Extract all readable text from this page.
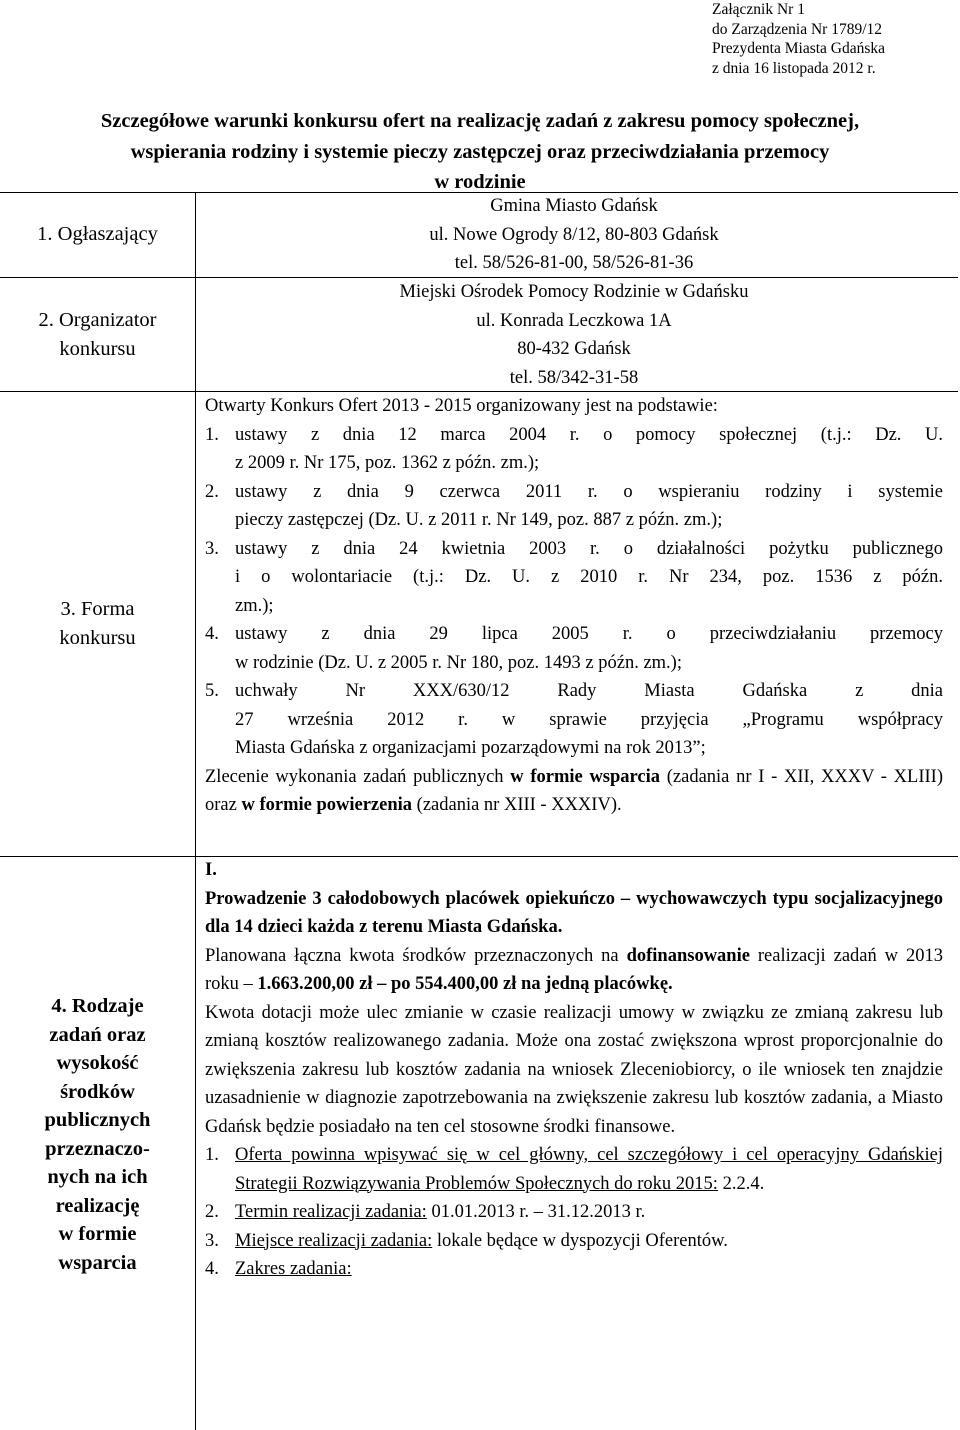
Załącznik Nr 1
do Zarządzenia Nr 1789/12
Prezydenta Miasta Gdańska
z dnia 16 listopada 2012 r.
Szczegółowe warunki konkursu ofert na realizację zadań z zakresu pomocy społecznej,
wspierania rodziny i systemie pieczy zastępczej oraz przeciwdziałania przemocy
w rodzinie
1. Ogłaszający
Gmina Miasto Gdańsk
ul. Nowe Ogrody 8/12, 80-803 Gdańsk
tel. 58/526-81-00, 58/526-81-36
2. Organizator
konkursu
Miejski Ośrodek Pomocy Rodzinie w Gdańsku
ul. Konrada Leczkowa 1A
80-432 Gdańsk
tel. 58/342-31-58
3. Forma
konkursu
Otwarty Konkurs Ofert 2013 - 2015 organizowany jest na podstawie:
1. ustawy z dnia 12 marca 2004 r. o pomocy społecznej (t.j.: Dz. U.
z 2009 r. Nr 175, poz. 1362 z późn. zm.);
2. ustawy z dnia 9 czerwca 2011 r. o wspieraniu rodziny i systemie
pieczy zastępczej (Dz. U. z 2011 r. Nr 149, poz. 887 z późn. zm.);
3. ustawy z dnia 24 kwietnia 2003 r. o działalności pożytku publicznego
i o wolontariacie (t.j.: Dz. U. z 2010 r. Nr 234, poz. 1536 z późn.
zm.);
4. ustawy z dnia 29 lipca 2005 r. o przeciwdziałaniu przemocy
w rodzinie (Dz. U. z 2005 r. Nr 180, poz. 1493 z późn. zm.);
5. uchwały Nr XXX/630/12 Rady Miasta Gdańska z dnia
27 września 2012 r. w sprawie przyjęcia „Programu współpracy
Miasta Gdańska z organizacjami pozarządowymi na rok 2013”;
Zlecenie wykonania zadań publicznych w formie wsparcia (zadania nr I - XII, XXXV - XLIII) oraz w formie powierzenia (zadania nr XIII - XXXIV).
4. Rodzaje
zadań oraz
wysokość
środków
publicznych
przeznaczo-
nych na ich
realizację
w formie
wsparcia
I.
Prowadzenie 3 całodobowych placówek opiekuńczo – wychowawczych typu socjalizacyjnego dla 14 dzieci każda z terenu Miasta Gdańska.
Planowana łączna kwota środków przeznaczonych na dofinansowanie realizacji zadań w 2013 roku – 1.663.200,00 zł – po 554.400,00 zł na jedną placówkę.
Kwota dotacji może ulec zmianie w czasie realizacji umowy w związku ze zmianą zakresu lub zmianą kosztów realizowanego zadania. Może ona zostać zwiększona wprost proporcjonalnie do zwiększenia zakresu lub kosztów zadania na wniosek Zleceniobiorcy, o ile wniosek ten znajdzie uzasadnienie w diagnozie zapotrzebowania na zwiększenie zakresu lub kosztów zadania, a Miasto Gdańsk będzie posiadało na ten cel stosowne środki finansowe.
1. Oferta powinna wpisywać się w cel główny, cel szczegółowy i cel operacyjny Gdańskiej Strategii Rozwiązywania Problemów Społecznych do roku 2015: 2.2.4.
2. Termin realizacji zadania: 01.01.2013 r. – 31.12.2013 r.
3. Miejsce realizacji zadania: lokale będące w dyspozycji Oferentów.
4. Zakres zadania:
